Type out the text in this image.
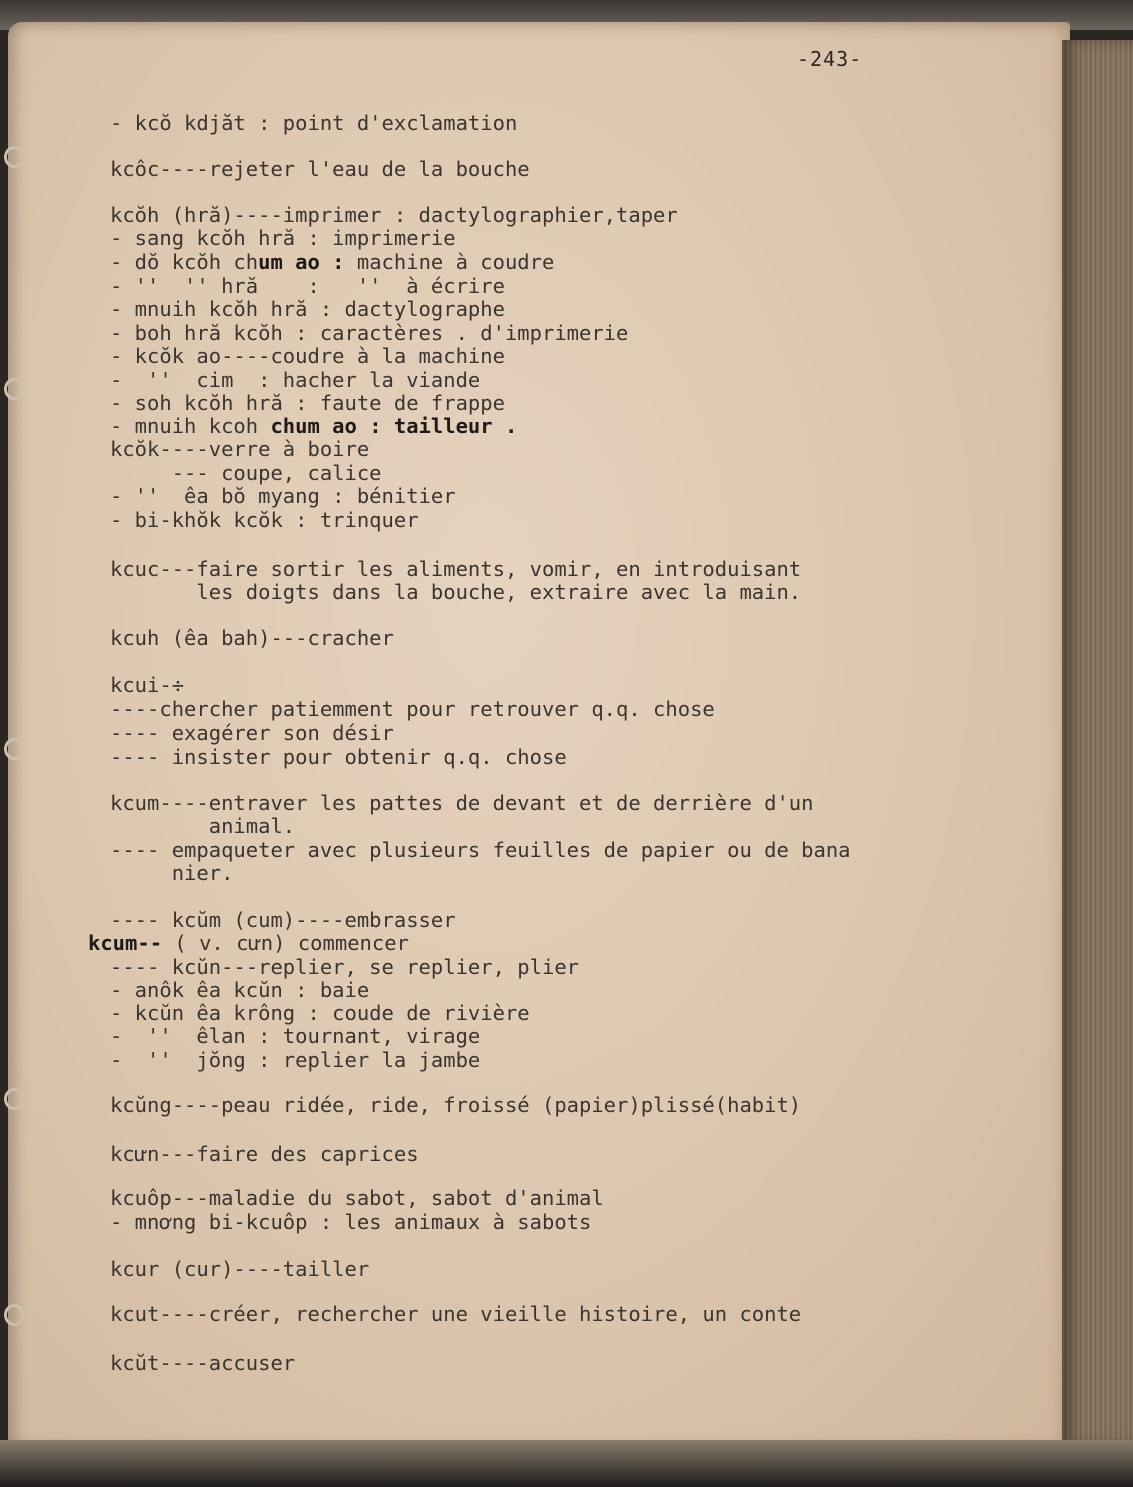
-243-
- kcŏ kdjăt : point d'exclamation
kcôc----rejeter l'eau de la bouche
kcŏh (hră)----imprimer : dactylographier,taper
- sang kcŏh hră : imprimerie
- dŏ kcŏh chum ao : machine à coudre
- ''  '' hră    :   ''  à écrire
- mnuih kcŏh hră : dactylographe
- boh hră kcŏh : caractères . d'imprimerie
- kcŏk ao----coudre à la machine
-  ''  cim  : hacher la viande
- soh kcŏh hră : faute de frappe
- mnuih kcoh chum ao : tailleur .
kcŏk----verre à boire
--- coupe, calice
- ''  êa bŏ myang : bénitier
- bi-khŏk kcŏk : trinquer
kcuc---faire sortir les aliments, vomir, en introduisant
les doigts dans la bouche, extraire avec la main.
kcuh (êa bah)---cracher
kcui-÷
----chercher patiemment pour retrouver q.q. chose
---- exagérer son désir
---- insister pour obtenir q.q. chose
kcum----entraver les pattes de devant et de derrière d'un
animal.
---- empaqueter avec plusieurs feuilles de papier ou de bana
nier.
---- kcŭm (cum)----embrasser
kcum-- ( v. cưn) commencer
---- kcŭn---replier, se replier, plier
- anôk êa kcŭn : baie
- kcŭn êa krông : coude de rivière
-  ''  êlan : tournant, virage
-  ''  jŏng : replier la jambe
kcŭng----peau ridée, ride, froissé (papier)plissé(habit)
kcưn---faire des caprices
kcuôp---maladie du sabot, sabot d'animal
- mnơng bi-kcuôp : les animaux à sabots
kcur (cur)----tailler
kcut----créer, rechercher une vieille histoire, un conte
kcŭt----accuser
